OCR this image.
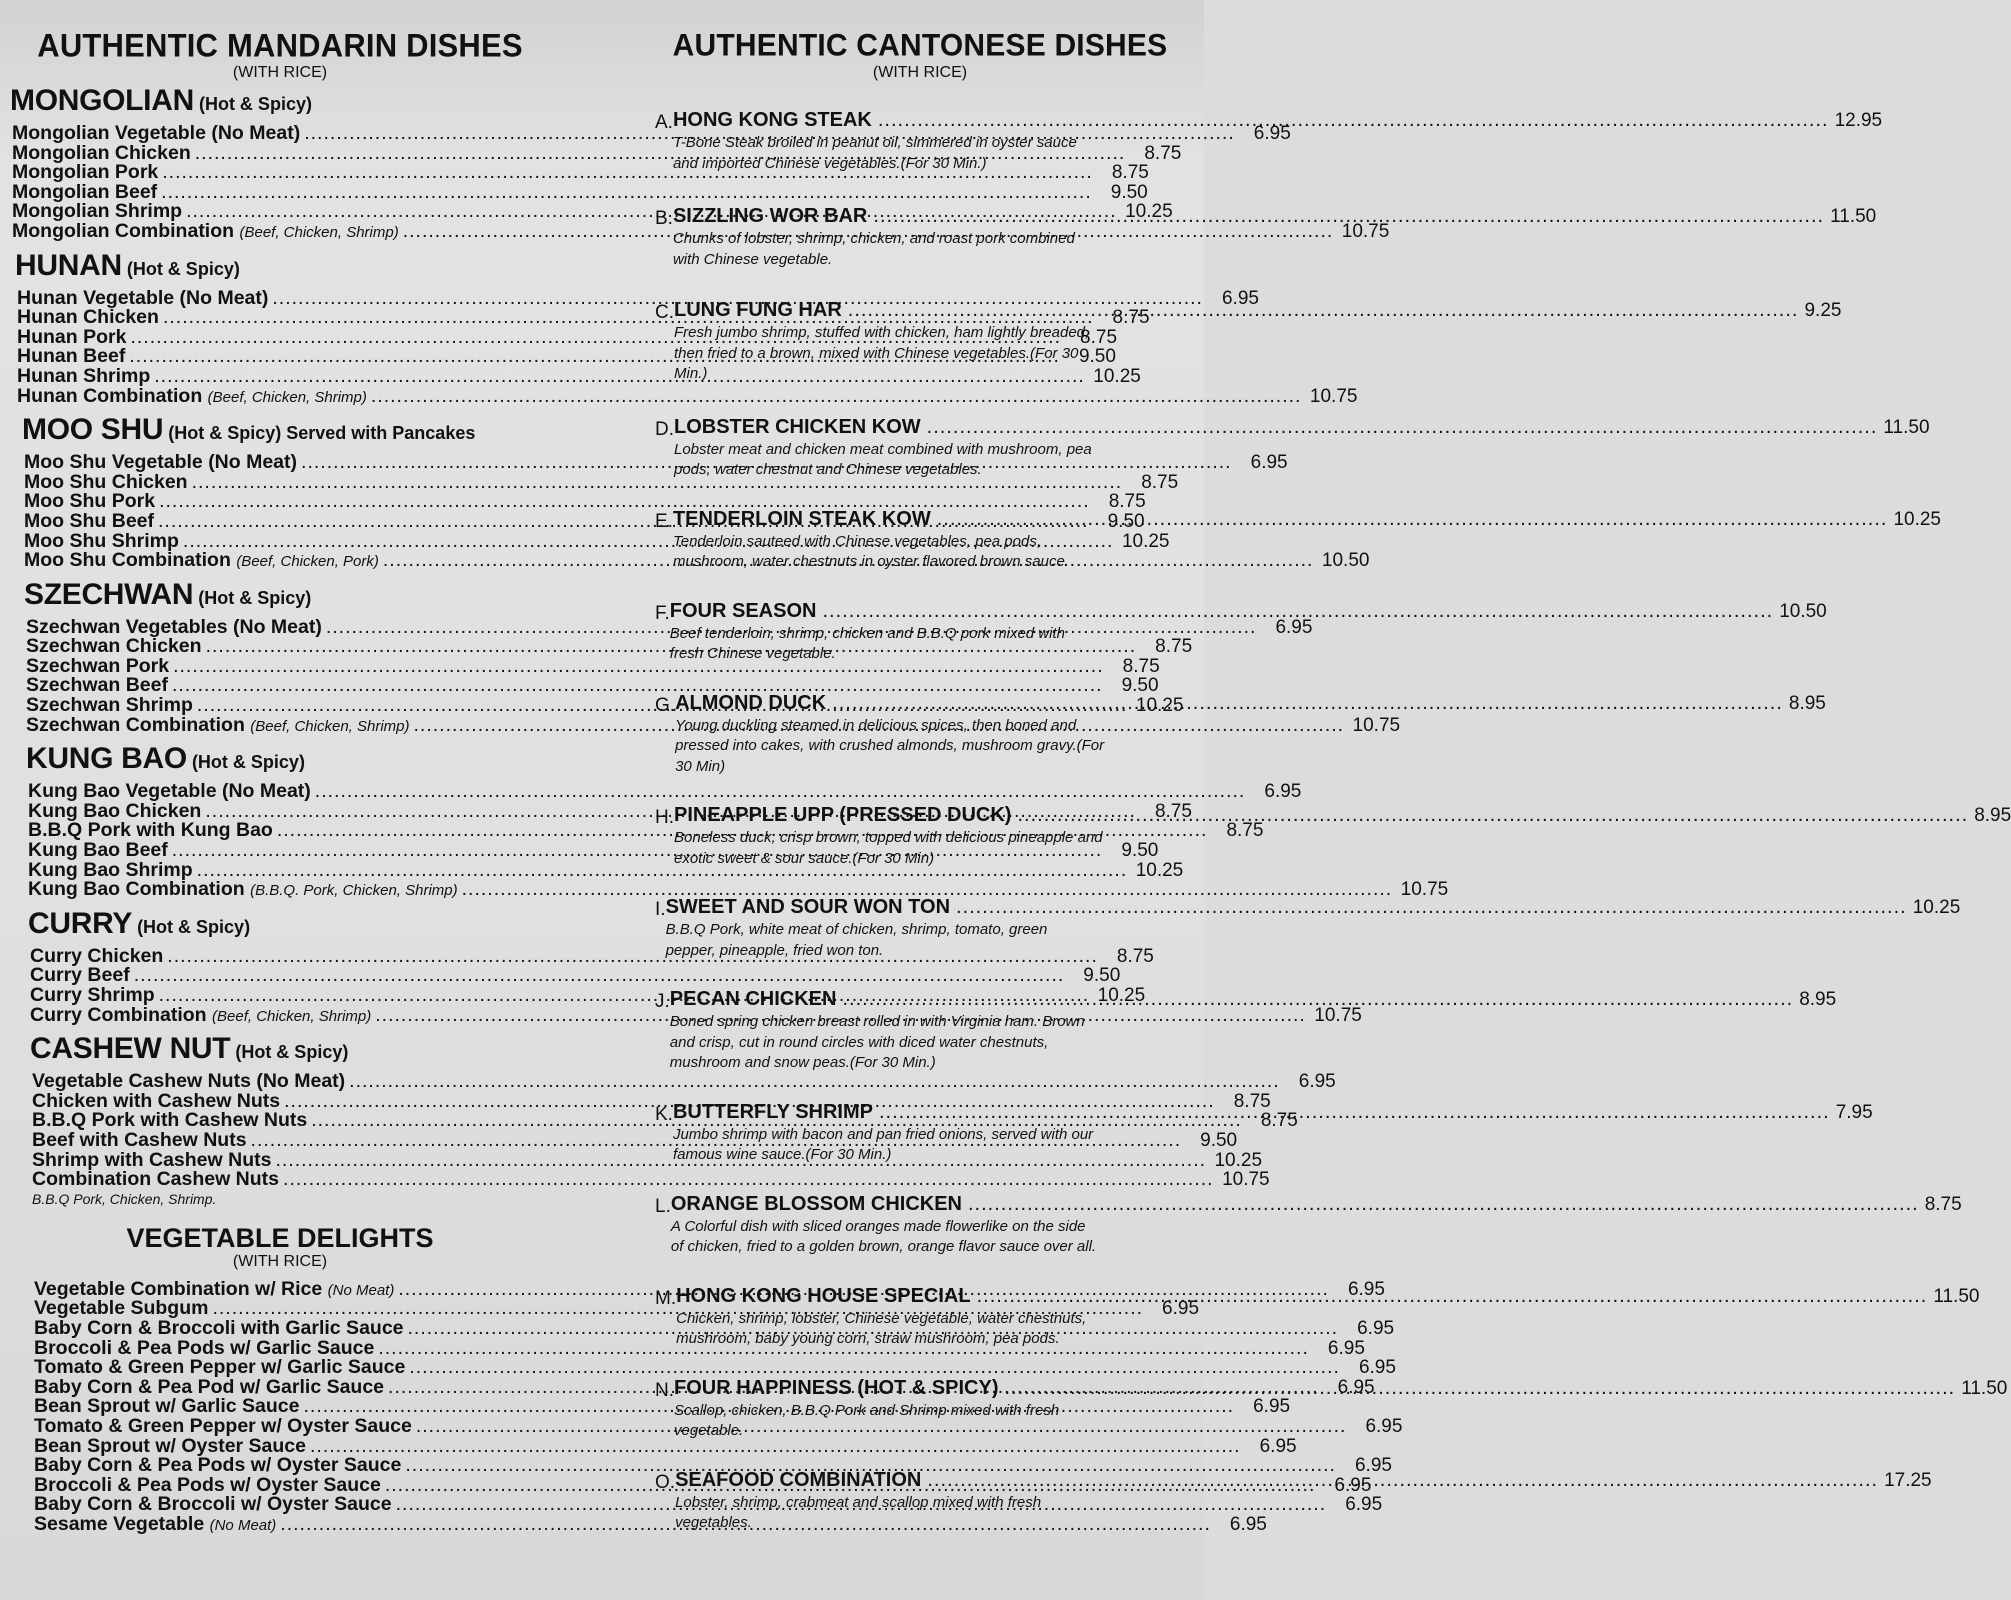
AUTHENTIC MANDARIN DISHES
(WITH RICE)
MONGOLIAN (Hot & Spicy)
Mongolian Vegetable (No Meat) .....	6.95
Mongolian Chicken .....	8.75
Mongolian Pork .....	8.75
Mongolian Beef .....	9.50
Mongolian Shrimp .....	10.25
Mongolian Combination (Beef, Chicken, Shrimp) .....	10.75
HUNAN (Hot & Spicy)
Hunan Vegetable (No Meat) .....	6.95
Hunan Chicken .....	8.75
Hunan Pork .....	8.75
Hunan Beef .....	9.50
Hunan Shrimp .....	10.25
Hunan Combination (Beef, Chicken, Shrimp) .....	10.75
MOO SHU (Hot & Spicy) Served with Pancakes
Moo Shu Vegetable (No Meat) .....	6.95
Moo Shu Chicken .....	8.75
Moo Shu Pork .....	8.75
Moo Shu Beef .....	9.50
Moo Shu Shrimp .....	10.25
Moo Shu Combination (Beef, Chicken, Pork) .....	10.50
SZECHWAN (Hot & Spicy)
Szechwan Vegetables (No Meat) .....	6.95
Szechwan Chicken .....	8.75
Szechwan Pork .....	8.75
Szechwan Beef .....	9.50
Szechwan Shrimp .....	10.25
Szechwan Combination (Beef, Chicken, Shrimp) .....	10.75
KUNG BAO (Hot & Spicy)
Kung Bao Vegetable (No Meat) .....	6.95
Kung Bao Chicken .....	8.75
B.B.Q Pork with Kung Bao .....	8.75
Kung Bao Beef .....	9.50
Kung Bao Shrimp .....	10.25
Kung Bao Combination (B.B.Q. Pork, Chicken, Shrimp) .....	10.75
CURRY (Hot & Spicy)
Curry Chicken .....	8.75
Curry Beef .....	9.50
Curry Shrimp .....	10.25
Curry Combination (Beef, Chicken, Shrimp) .....	10.75
CASHEW NUT (Hot & Spicy)
Vegetable Cashew Nuts (No Meat) .....	6.95
Chicken with Cashew Nuts .....	8.75
B.B.Q Pork with Cashew Nuts .....	8.75
Beef with Cashew Nuts .....	9.50
Shrimp with Cashew Nuts .....	10.25
Combination Cashew Nuts .....	10.75
B.B.Q Pork, Chicken, Shrimp.
VEGETABLE DELIGHTS
(WITH RICE)
Vegetable Combination w/ Rice (No Meat) .....	6.95
Vegetable Subgum .....	6.95
Baby Corn & Broccoli with Garlic Sauce .....	6.95
Broccoli & Pea Pods w/ Garlic Sauce .....	6.95
Tomato & Green Pepper w/ Garlic Sauce .....	6.95
Baby Corn & Pea Pod w/ Garlic Sauce .....	6.95
Bean Sprout w/ Garlic Sauce .....	6.95
Tomato & Green Pepper w/ Oyster Sauce .....	6.95
Bean Sprout w/ Oyster Sauce .....	6.95
Baby Corn & Pea Pods w/ Oyster Sauce .....	6.95
Broccoli & Pea Pods w/ Oyster Sauce .....	6.95
Baby Corn & Broccoli w/ Oyster Sauce .....	6.95
Sesame Vegetable (No Meat) .....	6.95
AUTHENTIC CANTONESE DISHES
(WITH RICE)
A. HONG KONG STEAK .....	12.95
T-Bone Steak broiled in peanut oil, simmered in oyster sauce and imported Chinese vegetables.(For 30 Min.)
B. SIZZLING WOR BAR .....	11.50
Chunks of lobster, shrimp, chicken, and roast pork combined with Chinese vegetable.
C. LUNG FUNG HAR .....	9.25
Fresh jumbo shrimp, stuffed with chicken, ham lightly breaded, then fried to a brown, mixed with Chinese vegetables.(For 30 Min.)
D. LOBSTER CHICKEN KOW .....	11.50
Lobster meat and chicken meat combined with mushroom, pea pods, water chestnut and Chinese vegetables.
E. TENDERLOIN STEAK KOW .....	10.25
Tenderloin sauteed with Chinese vegetables, pea pods, mushroom, water chestnuts in oyster flavored brown sauce.
F. FOUR SEASON .....	10.50
Beef tenderloin, shrimp, chicken and B.B.Q pork mixed with fresh Chinese vegetable.
G. ALMOND DUCK .....	8.95
Young duckling steamed in delicious spices, then boned and pressed into cakes, with crushed almonds, mushroom gravy.(For 30 Min)
H. PINEAPPLE UPP (PRESSED DUCK) .....	8.95
Boneless duck, crisp brown, topped with delicious pineapple and exotic sweet & sour sauce.(For 30 Min)
I. SWEET AND SOUR WON TON .....	10.25
B.B.Q Pork, white meat of chicken, shrimp, tomato, green pepper, pineapple, fried won ton.
J. PECAN CHICKEN .....	8.95
Boned spring chicken breast rolled in with Virginia ham. Brown and crisp, cut in round circles with diced water chestnuts, mushroom and snow peas.(For 30 Min.)
K. BUTTERFLY SHRIMP .....	7.95
Jumbo shrimp with bacon and pan fried onions, served with our famous wine sauce.(For 30 Min.)
L. ORANGE BLOSSOM CHICKEN .....	8.75
A Colorful dish with sliced oranges made flowerlike on the side of chicken, fried to a golden brown, orange flavor sauce over all.
M. HONG KONG HOUSE SPECIAL .....	11.50
Chicken, shrimp, lobster, Chinese vegetable, water chestnuts, mushroom, baby young corn, straw mushroom, pea pods.
N. FOUR HAPPINESS (HOT & SPICY) .....	11.50
Scallop, chicken, B.B.Q Pork and Shrimp mixed with fresh vegetable.
O. SEAFOOD COMBINATION .....	17.25
Lobster, shrimp, crabmeat and scallop mixed with fresh vegetables.
